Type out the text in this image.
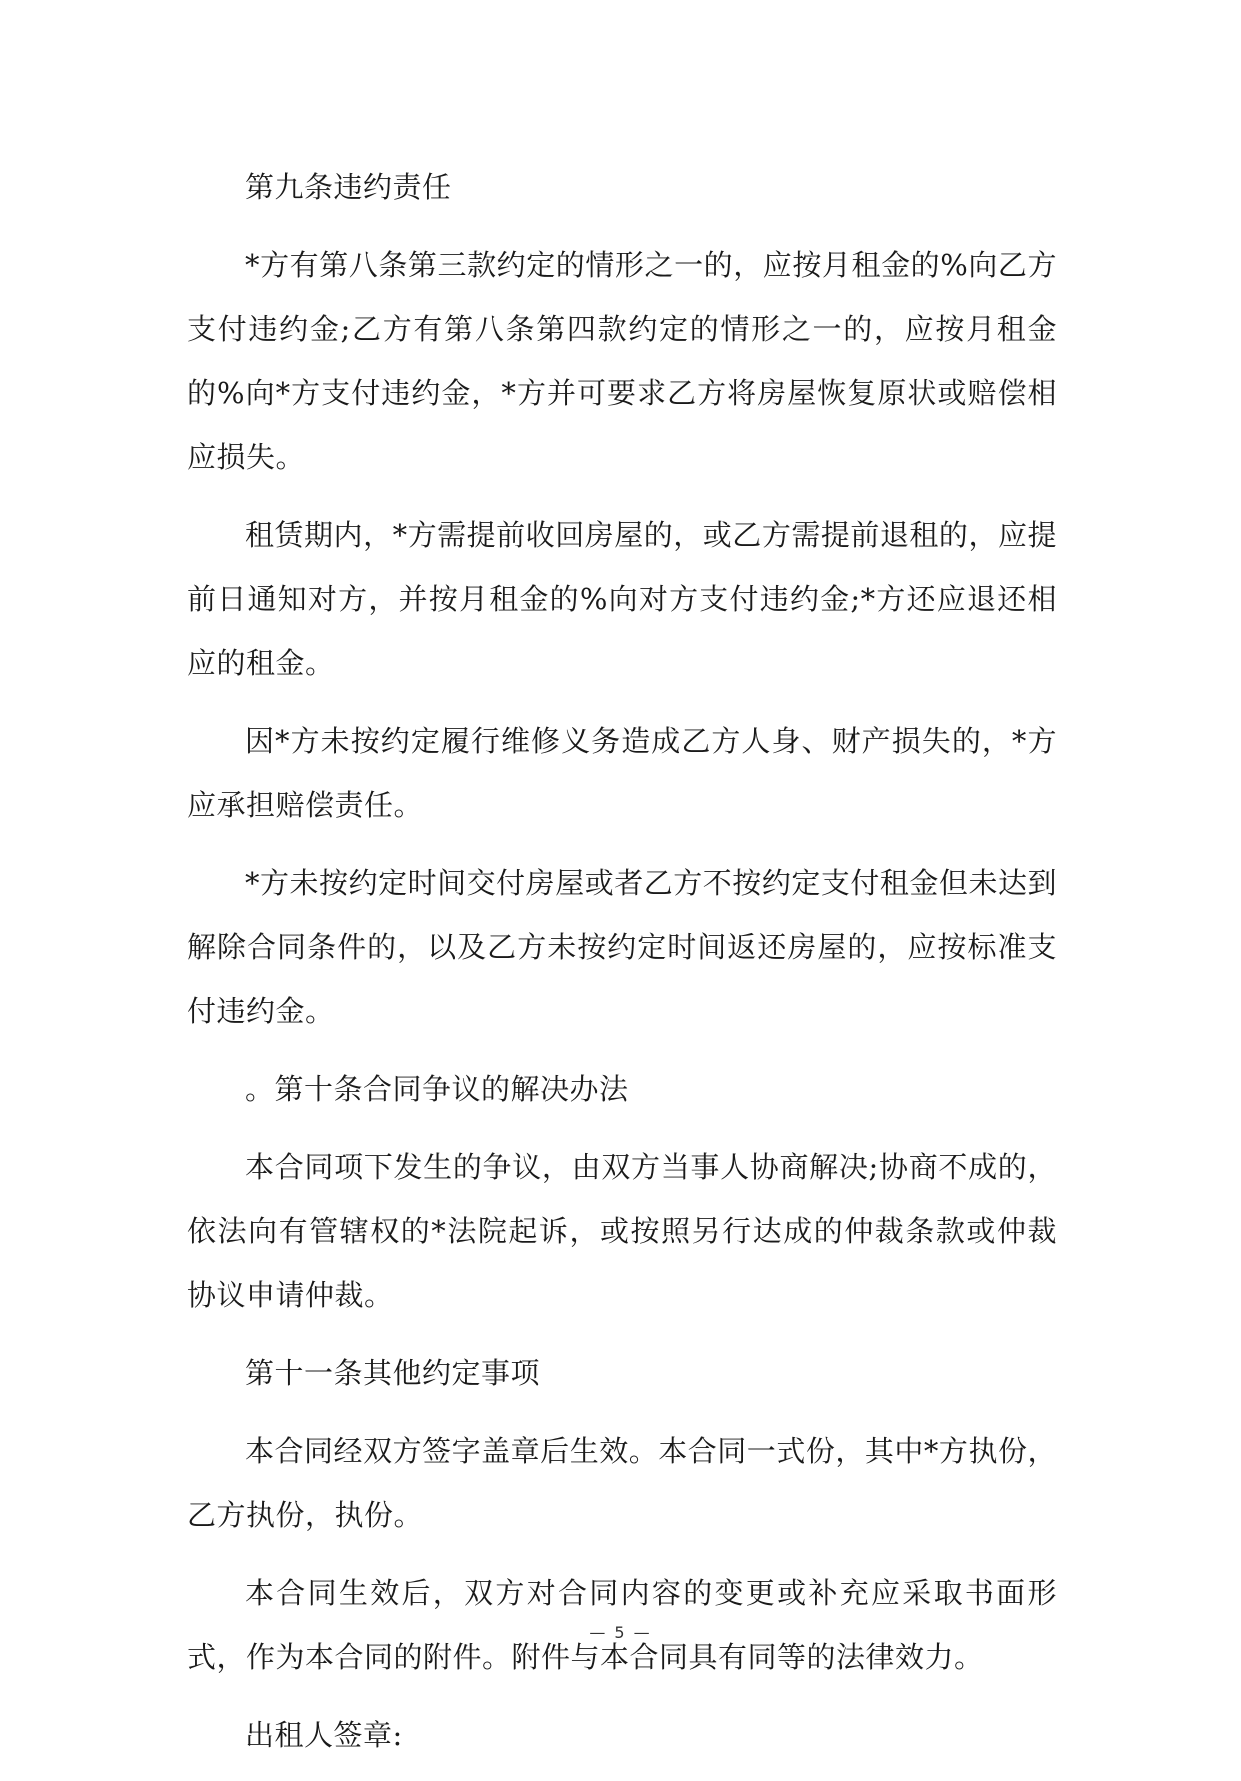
第九条违约责任

*方有第八条第三款约定的情形之一的，应按月租金的%向乙方支付违约金;乙方有第八条第四款约定的情形之一的，应按月租金的%向*方支付违约金，*方并可要求乙方将房屋恢复原状或赔偿相应损失。

租赁期内，*方需提前收回房屋的，或乙方需提前退租的，应提前日通知对方，并按月租金的%向对方支付违约金;*方还应退还相应的租金。

因*方未按约定履行维修义务造成乙方人身、财产损失的，*方应承担赔偿责任。

*方未按约定时间交付房屋或者乙方不按约定支付租金但未达到解除合同条件的，以及乙方未按约定时间返还房屋的，应按标准支付违约金。

。第十条合同争议的解决办法

本合同项下发生的争议，由双方当事人协商解决;协商不成的，依法向有管辖权的*法院起诉，或按照另行达成的仲裁条款或仲裁协议申请仲裁。

第十一条其他约定事项

本合同经双方签字盖章后生效。本合同一式份，其中*方执份，乙方执份，执份。

本合同生效后，双方对合同内容的变更或补充应采取书面形式，作为本合同的附件。附件与本合同具有同等的法律效力。

出租人签章:

— 5 —
